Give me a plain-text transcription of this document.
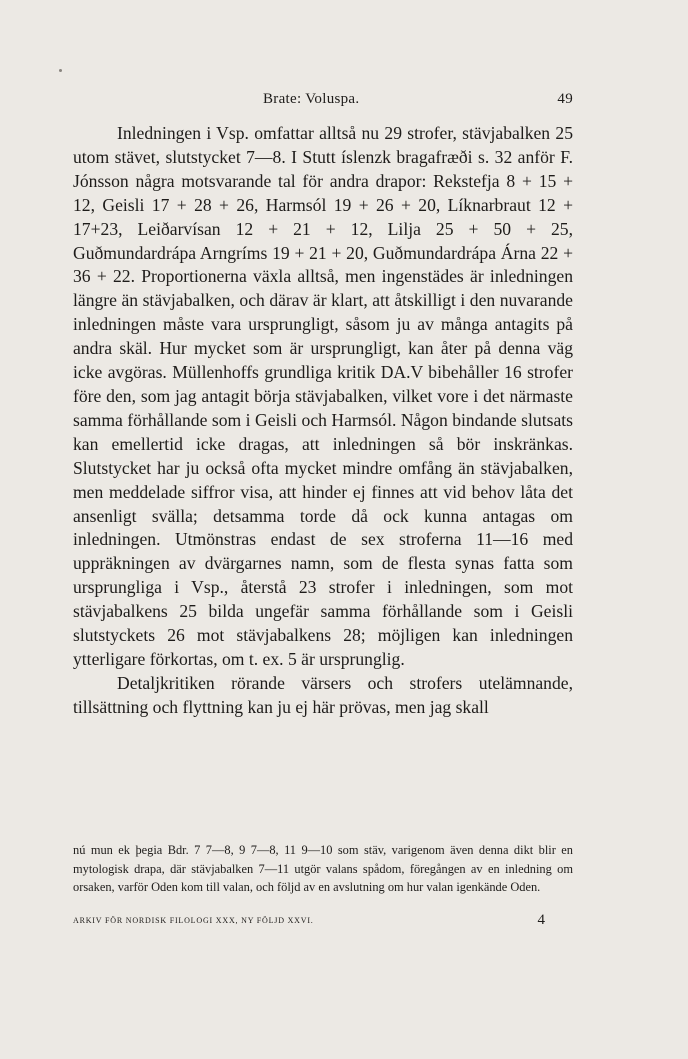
Brate: Voluspa.	49

Inledningen i Vsp. omfattar alltså nu 29 strofer, stävjabalken 25 utom stävet, slutstycket 7—8. I Stutt íslenzk bragafræði s. 32 anför F. Jónsson några motsvarande tal för andra drapor: Rekstefja 8 + 15 + 12, Geisli 17 + 28 + 26, Harmsól 19 + 26 + 20, Líknarbraut 12 + 17+23, Leiðarvísan 12 + 21 + 12, Lilja 25 + 50 + 25, Guðmundardrápa Arngríms 19 + 21 + 20, Guðmundardrápa Árna 22 + 36 + 22. Proportionerna växla alltså, men ingenstädes är inledningen längre än stävjabalken, och därav är klart, att åtskilligt i den nuvarande inledningen måste vara ursprungligt, såsom ju av många antagits på andra skäl. Hur mycket som är ursprungligt, kan åter på denna väg icke avgöras. Müllenhoffs grundliga kritik DA.V bibehåller 16 strofer före den, som jag antagit börja stävjabalken, vilket vore i det närmaste samma förhållande som i Geisli och Harmsól. Någon bindande slutsats kan emellertid icke dragas, att inledningen så bör inskränkas. Slutstycket har ju också ofta mycket mindre omfång än stävjabalken, men meddelade siffror visa, att hinder ej finnes att vid behov låta det ansenligt svälla; detsamma torde då ock kunna antagas om inledningen. Utmönstras endast de sex stroferna 11—16 med uppräkningen av dvärgarnes namn, som de flesta synas fatta som ursprungliga i Vsp., återstå 23 strofer i inledningen, som mot stävjabalkens 25 bilda ungefär samma förhållande som i Geisli slutstyckets 26 mot stävjabalkens 28; möjligen kan inledningen ytterligare förkortas, om t. ex. 5 är ursprunglig.

Detaljkritiken rörande värsers och strofers utelämnande, tillsättning och flyttning kan ju ej här prövas, men jag skall

nú mun ek þegia Bdr. 7 7—8, 9 7—8, 11 9—10 som stäv, varigenom även denna dikt blir en mytologisk drapa, där stävjabalken 7—11 utgör valans spådom, föregången av en inledning om orsaken, varför Oden kom till valan, och följd av en avslutning om hur valan igenkände Oden.

ARKIV FÖR NORDISK FILOLOGI XXX, NY FÖLJD XXVI.	4
